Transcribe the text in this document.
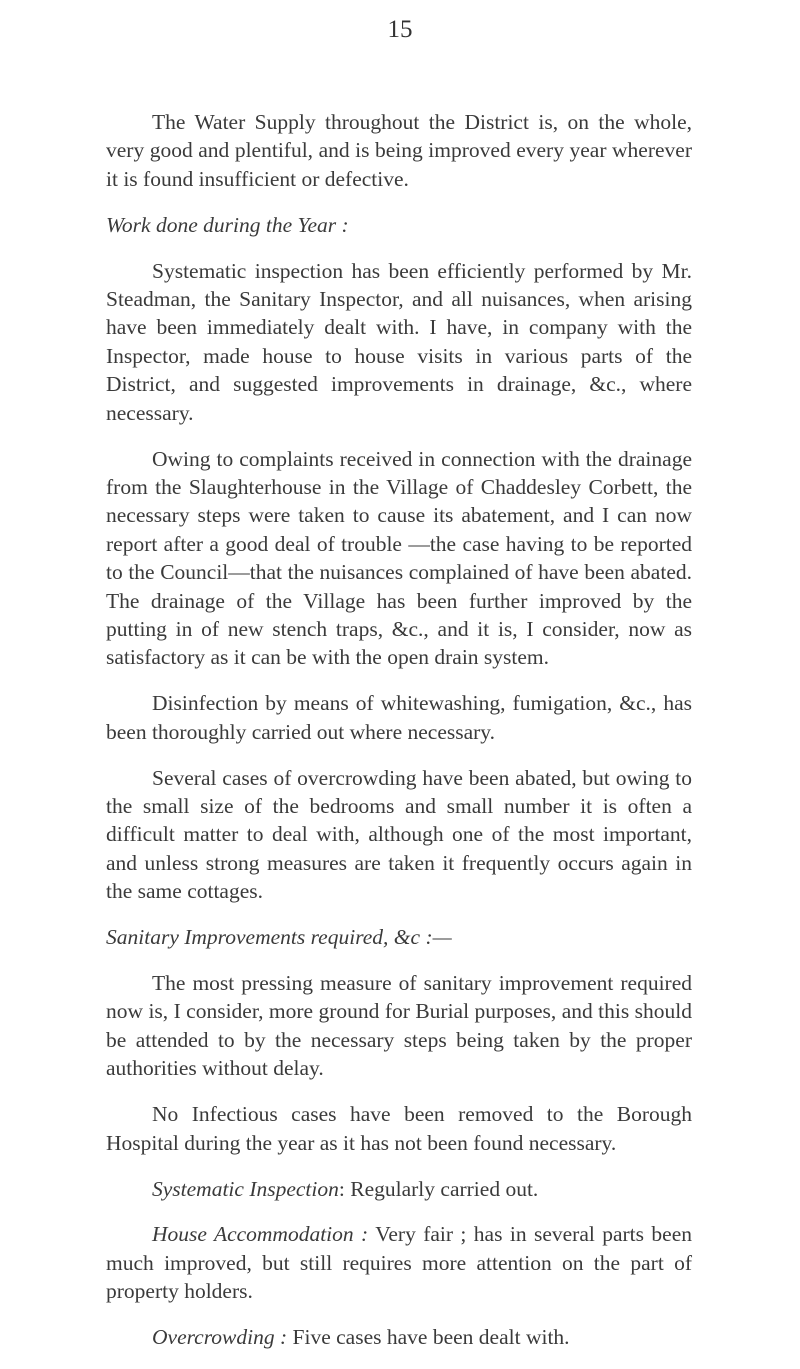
15

The Water Supply throughout the District is, on the whole, very good and plentiful, and is being improved every year wherever it is found insufficient or defective.

Work done during the Year :

Systematic inspection has been efficiently performed by Mr. Steadman, the Sanitary Inspector, and all nuisances, when arising have been immediately dealt with. I have, in company with the Inspector, made house to house visits in various parts of the District, and suggested improvements in drainage, &c., where necessary.

Owing to complaints received in connection with the drainage from the Slaughterhouse in the Village of Chaddesley Corbett, the necessary steps were taken to cause its abatement, and I can now report after a good deal of trouble —the case having to be reported to the Council—that the nuisances complained of have been abated. The drainage of the Village has been further improved by the putting in of new stench traps, &c., and it is, I consider, now as satisfactory as it can be with the open drain system.

Disinfection by means of whitewashing, fumigation, &c., has been thoroughly carried out where necessary.

Several cases of overcrowding have been abated, but owing to the small size of the bedrooms and small number it is often a difficult matter to deal with, although one of the most important, and unless strong measures are taken it frequently occurs again in the same cottages.

Sanitary Improvements required, &c :—

The most pressing measure of sanitary improvement required now is, I consider, more ground for Burial purposes, and this should be attended to by the necessary steps being taken by the proper authorities without delay.

No Infectious cases have been removed to the Borough Hospital during the year as it has not been found necessary.

Systematic Inspection: Regularly carried out.

House Accommodation : Very fair ; has in several parts been much improved, but still requires more attention on the part of property holders.

Overcrowding : Five cases have been dealt with.
